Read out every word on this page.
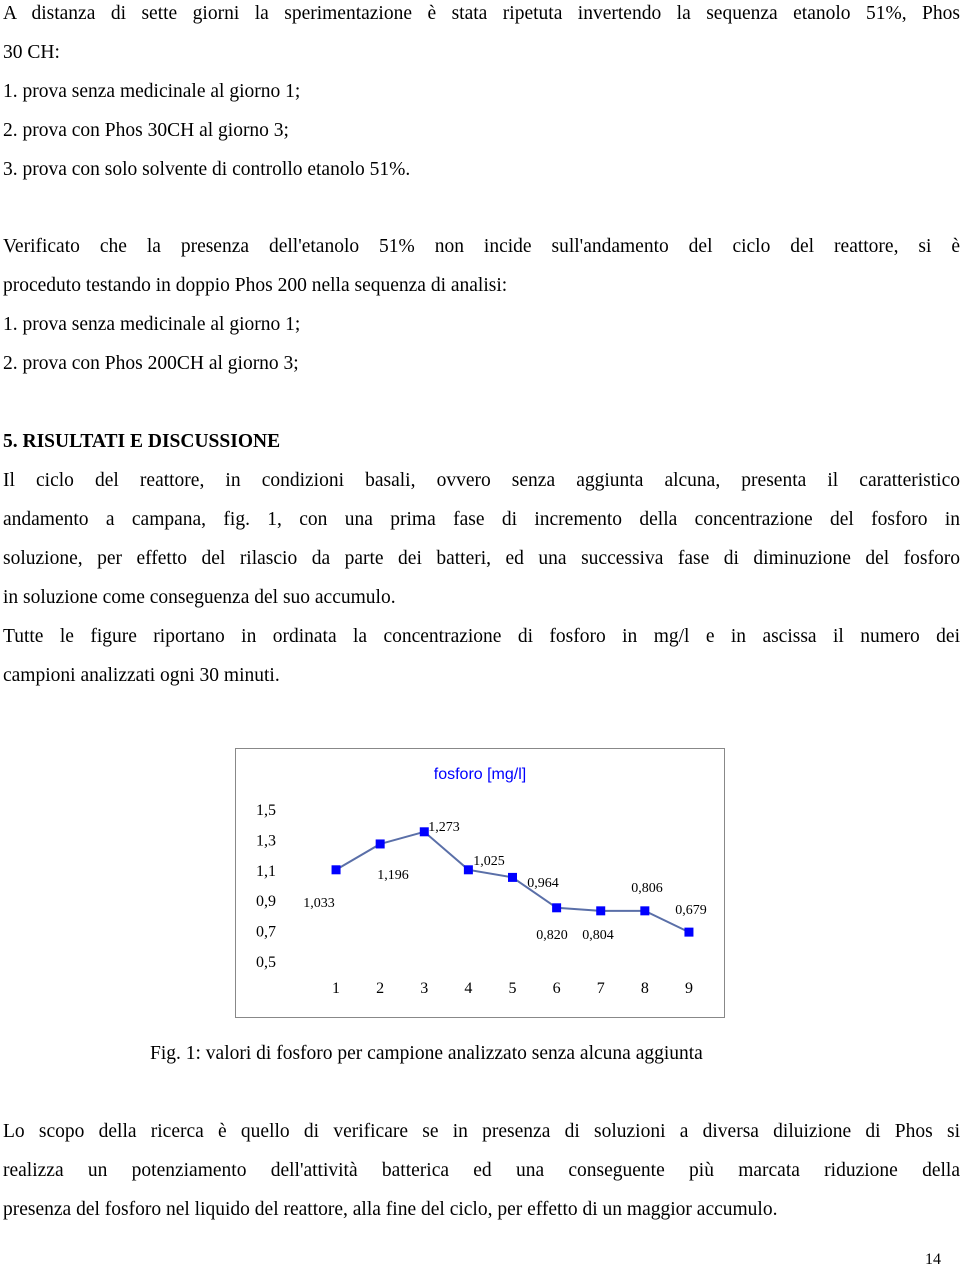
A distanza di sette giorni la sperimentazione è stata ripetuta invertendo la sequenza etanolo 51%, Phos
30 CH:
1. prova senza medicinale al giorno 1;
2. prova con Phos 30CH al giorno 3;
3. prova con solo solvente di controllo etanolo 51%.
Verificato che la presenza dell'etanolo 51% non incide sull'andamento del ciclo del reattore, si è
proceduto testando in doppio Phos 200 nella sequenza di analisi:
1. prova senza medicinale al giorno 1;
2. prova con Phos 200CH al giorno 3;
5. RISULTATI E DISCUSSIONE
Il ciclo del reattore, in condizioni basali, ovvero senza aggiunta alcuna, presenta il caratteristico
andamento a campana, fig. 1, con una prima fase di incremento della concentrazione del fosforo in
soluzione, per effetto del rilascio da parte dei batteri, ed una successiva fase di diminuzione del fosforo
in soluzione come conseguenza del suo accumulo.
Tutte le figure riportano in ordinata la concentrazione di fosforo in mg/l e in ascissa il numero dei
campioni analizzati ogni 30 minuti.
fosforo [mg/l]
1,5
1,3
1,1
0,9
0,7
0,5
1 2 3 4 5 6 7 8 9
1,033
1,196
1,273
1,025
0,964
0,820 0,804
0,806
0,679
Fig. 1: valori di fosforo per campione analizzato senza alcuna aggiunta
Lo scopo della ricerca è quello di verificare se in presenza di soluzioni a diversa diluizione di Phos si
realizza un potenziamento dell'attività batterica ed una conseguente più marcata riduzione della
presenza del fosforo nel liquido del reattore, alla fine del ciclo, per effetto di un maggior accumulo.
14
